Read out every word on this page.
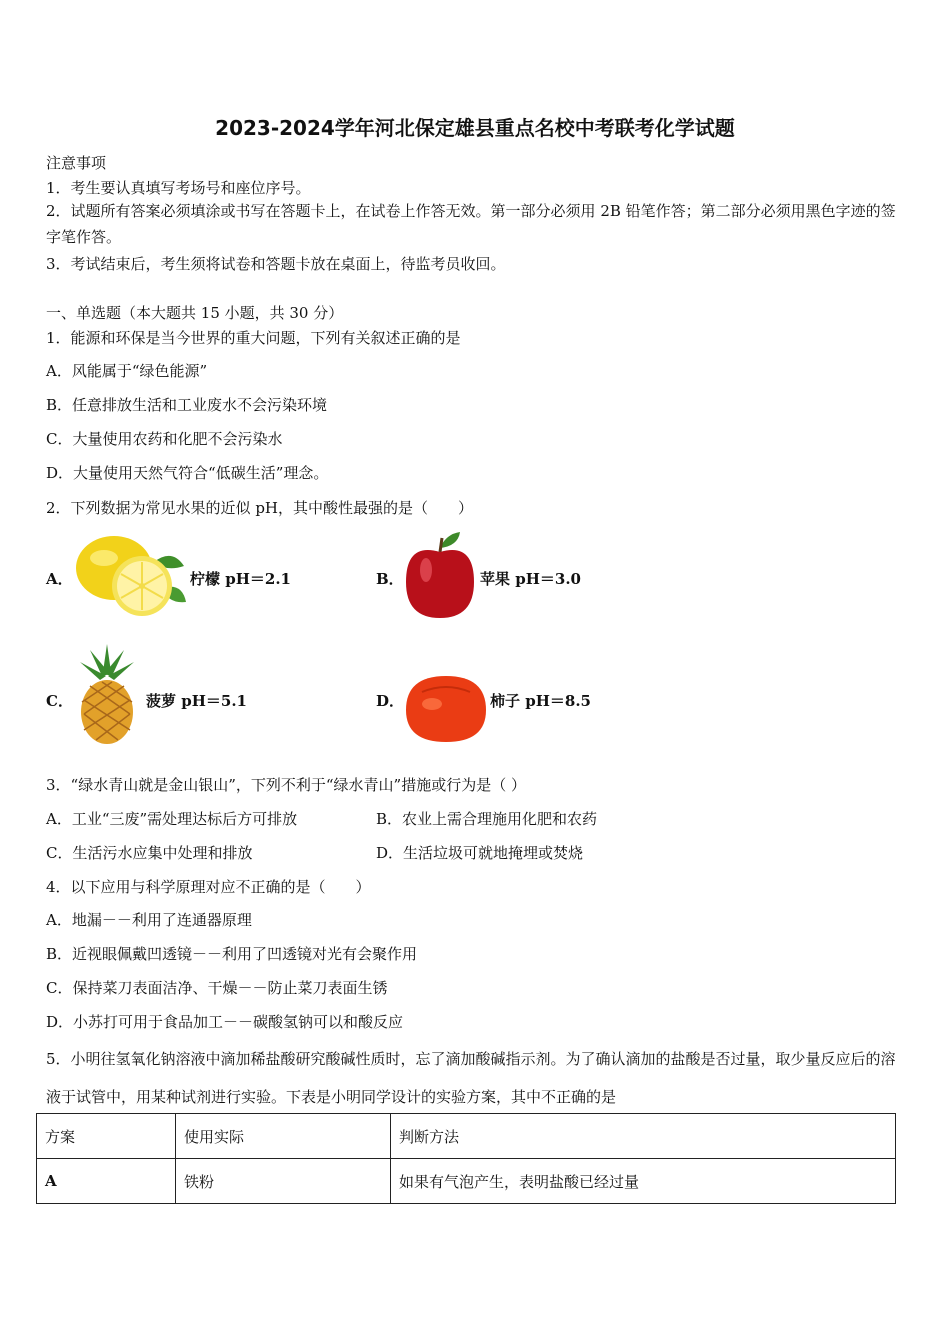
2023-2024学年河北保定雄县重点名校中考联考化学试题
注意事项
1．考生要认真填写考场号和座位序号。
2．试题所有答案必须填涂或书写在答题卡上，在试卷上作答无效。第一部分必须用 2B 铅笔作答；第二部分必须用黑色字迹的签字笔作答。
3．考试结束后，考生须将试卷和答题卡放在桌面上，待监考员收回。
一、单选题（本大题共 15 小题，共 30 分）
1．能源和环保是当今世界的重大问题，下列有关叙述正确的是
A．风能属于“绿色能源”
B．任意排放生活和工业废水不会污染环境
C．大量使用农药和化肥不会污染水
D．大量使用天然气符合“低碳生活”理念。
2．下列数据为常见水果的近似 pH，其中酸性最强的是（　　）
A．	柠檬 pH＝2.1	B．	苹果 pH＝3.0
C．	菠萝 pH＝5.1	D．	柿子 pH＝8.5
3．“绿水青山就是金山银山”，下列不利于“绿水青山”措施或行为是（ ）
A．工业“三废”需处理达标后方可排放	B．农业上需合理施用化肥和农药
C．生活污水应集中处理和排放	D．生活垃圾可就地掩埋或焚烧
4．以下应用与科学原理对应不正确的是（　　）
A．地漏－－利用了连通器原理
B．近视眼佩戴凹透镜－－利用了凹透镜对光有会聚作用
C．保持菜刀表面洁净、干燥－－防止菜刀表面生锈
D．小苏打可用于食品加工－－碳酸氢钠可以和酸反应
5．小明往氢氧化钠溶液中滴加稀盐酸研究酸碱性质时，忘了滴加酸碱指示剂。为了确认滴加的盐酸是否过量，取少量反应后的溶液于试管中，用某种试剂进行实验。下表是小明同学设计的实验方案，其中不正确的是
方案	使用实际	判断方法
A	铁粉	如果有气泡产生，表明盐酸已经过量
